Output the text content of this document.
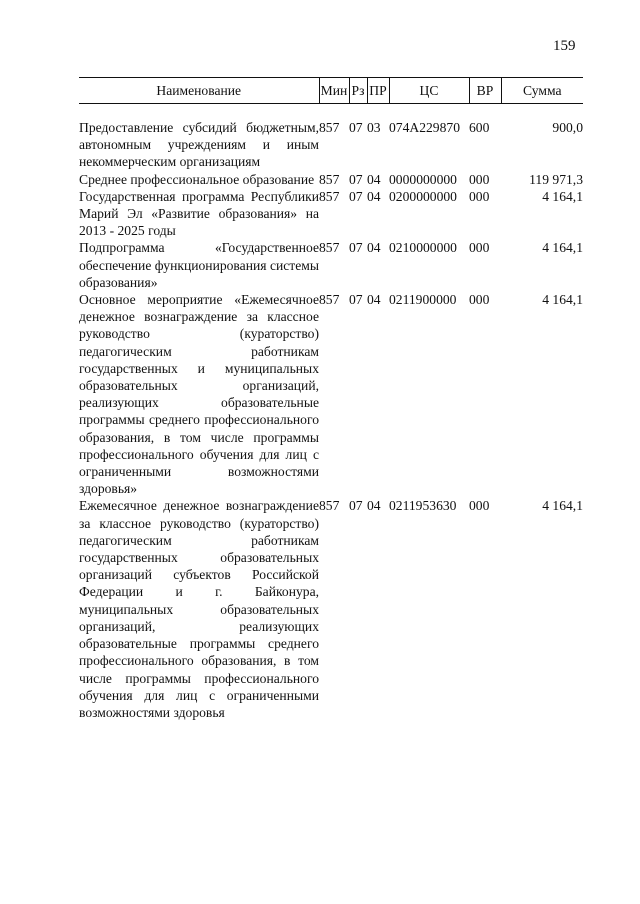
159
Наименование	Мин	Рз	ПР	ЦС	ВР	Сумма

Предоставление субсидий бюджетным, автономным учреждениям и иным некоммерческим организациям	857	07	03	074А229870	600	900,0
Среднее профессиональное образование	857	07	04	0000000000	000	119 971,3
Государственная программа Республики Марий Эл «Развитие образования» на 2013 - 2025 годы	857	07	04	0200000000	000	4 164,1
Подпрограмма «Государственное обеспечение функционирования системы образования»	857	07	04	0210000000	000	4 164,1
Основное мероприятие «Ежемесячное денежное вознаграждение за классное руководство (кураторство) педагогическим работникам государственных и муниципальных образовательных организаций, реализующих образовательные программы среднего профессионального образования, в том числе программы профессионального обучения для лиц с ограниченными возможностями здоровья»	857	07	04	0211900000	000	4 164,1
Ежемесячное денежное вознаграждение за классное руководство (кураторство) педагогическим работникам государственных образовательных организаций субъектов Российской Федерации и г. Байконура, муниципальных образовательных организаций, реализующих образовательные программы среднего профессионального образования, в том числе программы профессионального обучения для лиц с ограниченными возможностями здоровья	857	07	04	0211953630	000	4 164,1
